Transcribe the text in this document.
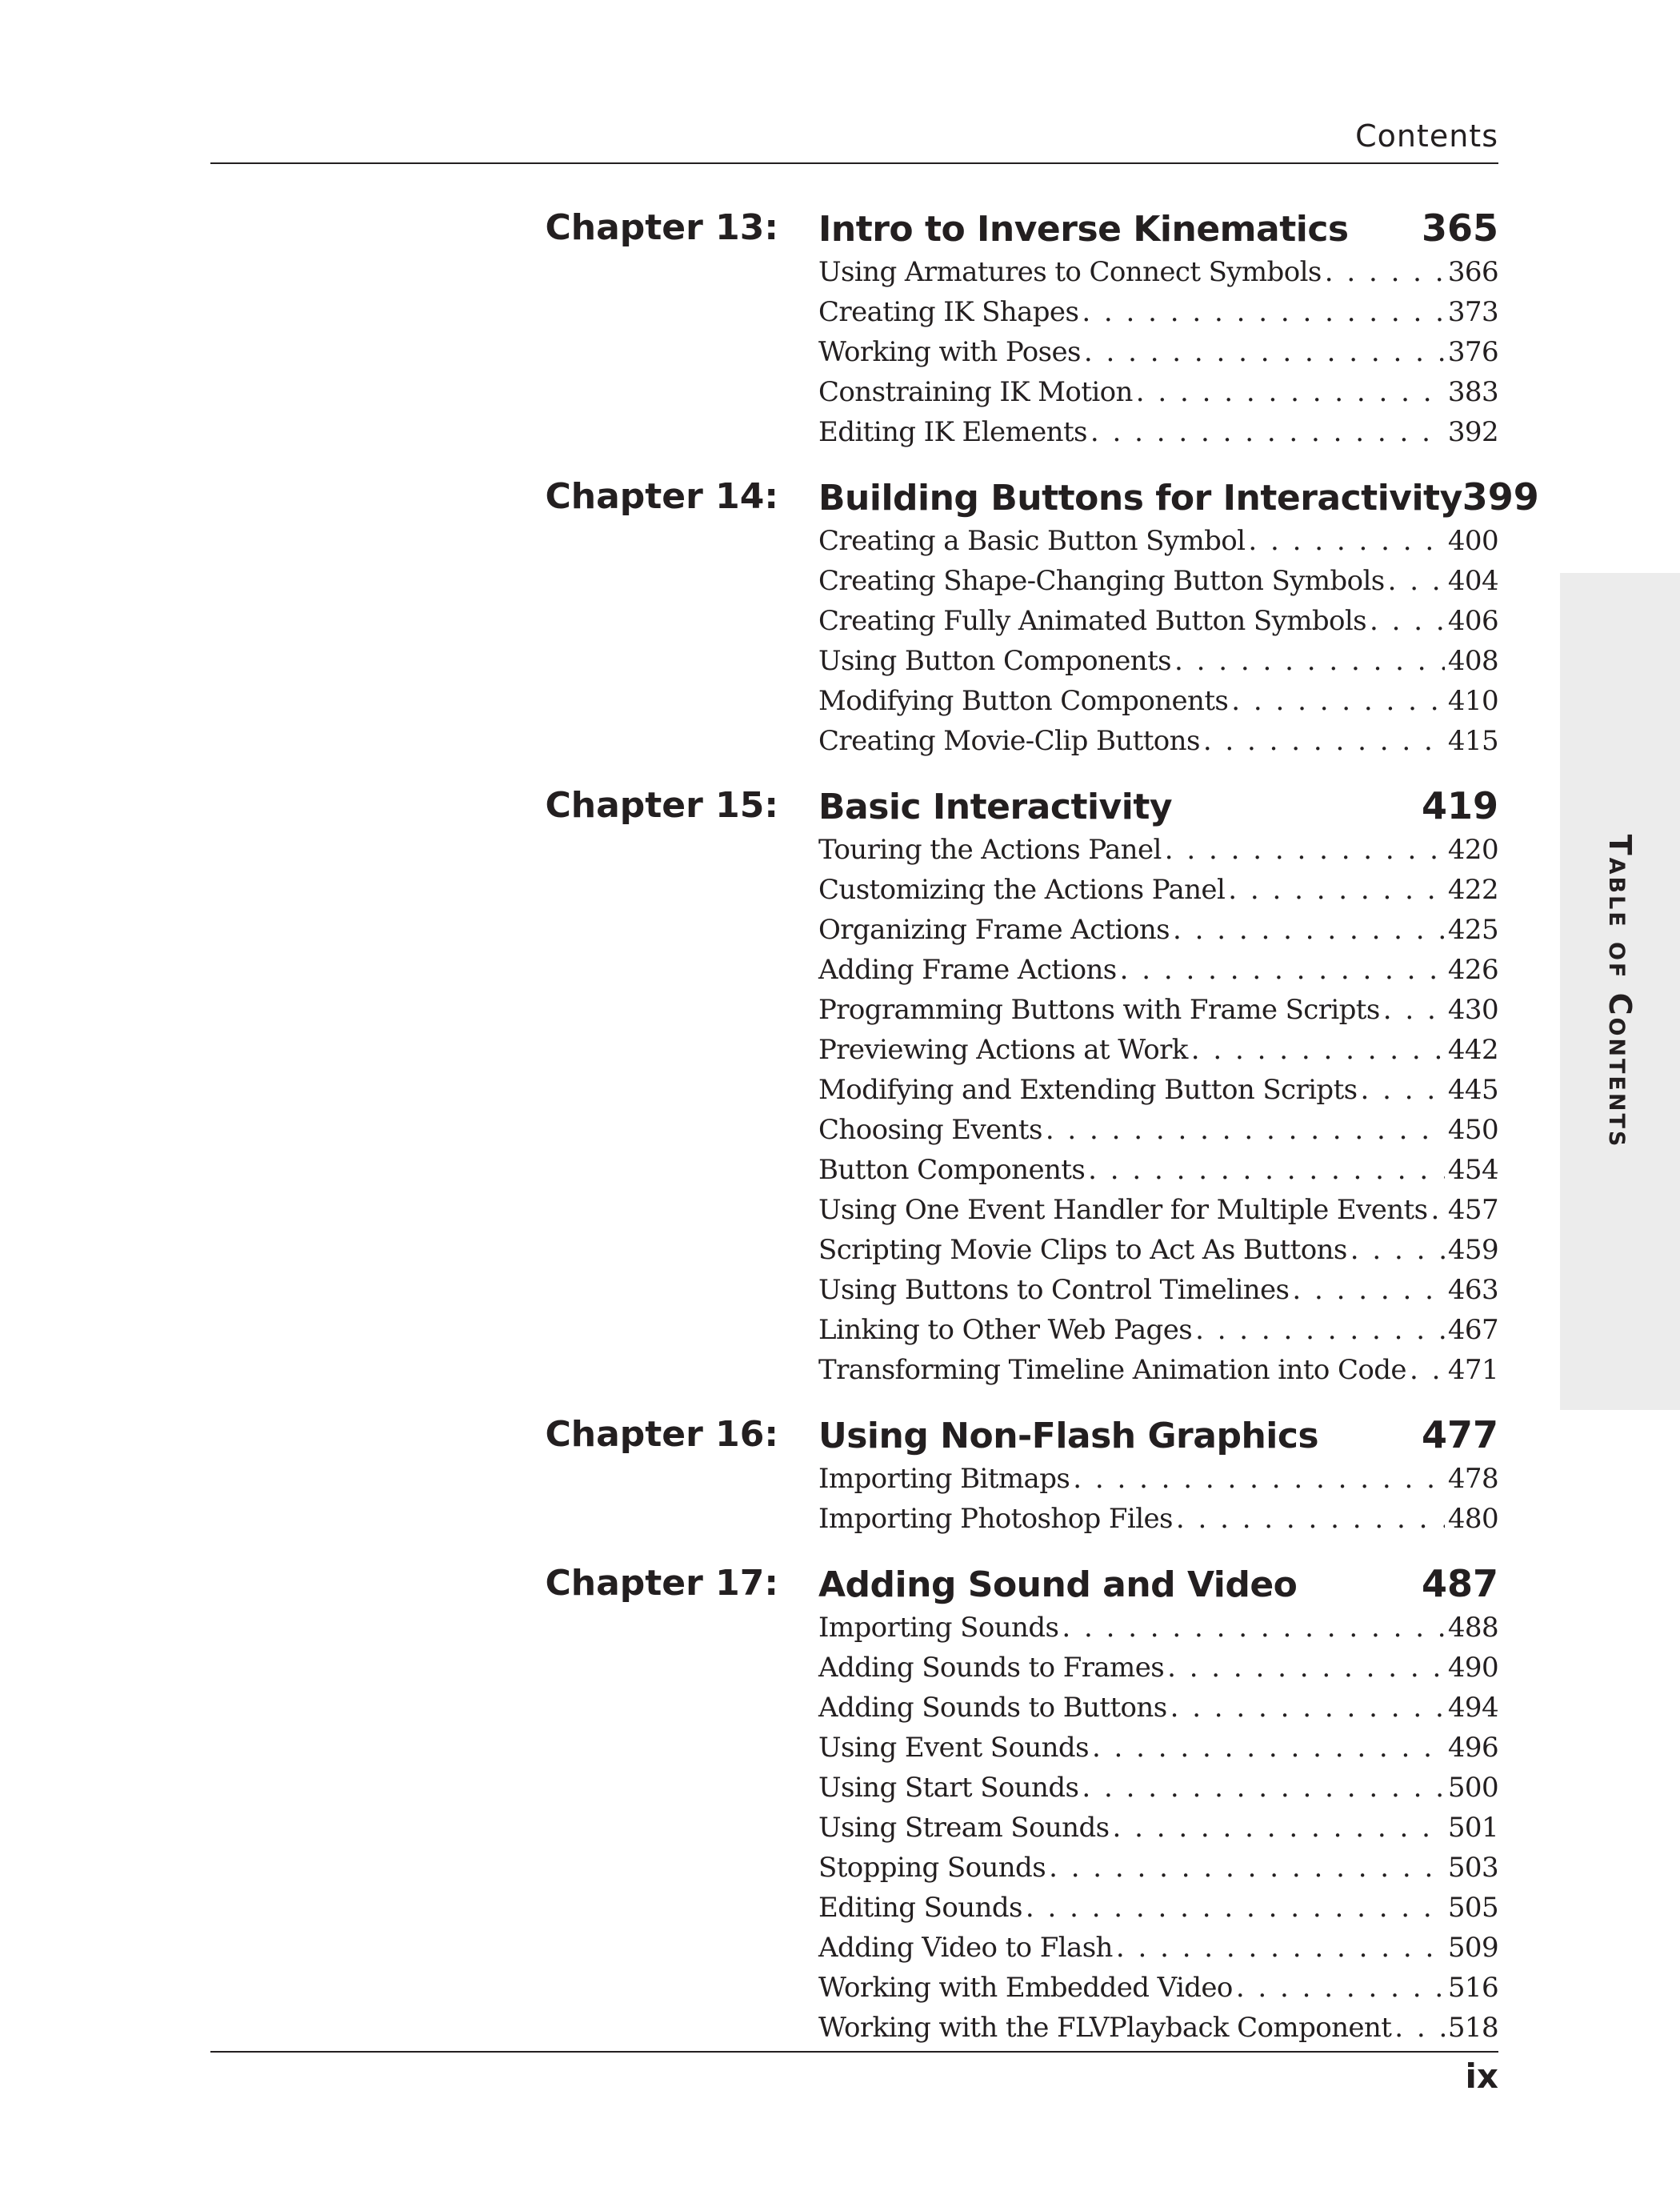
Contents
Chapter 13: Intro to Inverse Kinematics 365
Using Armatures to Connect Symbols . . .	366
Creating IK Shapes . . .	373
Working with Poses . . .	376
Constraining IK Motion . . .	383
Editing IK Elements . . .	392
Chapter 14: Building Buttons for Interactivity 399
Creating a Basic Button Symbol . . .	400
Creating Shape-Changing Button Symbols . . . 404
Creating Fully Animated Button Symbols . . .	406
Using Button Components . . .	408
Modifying Button Components . . .	410
Creating Movie-Clip Buttons . . .	415
Chapter 15: Basic Interactivity	419
Touring the Actions Panel . . .	420
Customizing the Actions Panel . . .	422
Organizing Frame Actions . . .	425
Adding Frame Actions . . .	426
Programming Buttons with Frame Scripts . . .	430
Previewing Actions at Work . . .	442
Modifying and Extending Button Scripts . . .	445
Choosing Events . . .	450
Button Components . . .	454
Using One Event Handler for Multiple Events . . . 457
Scripting Movie Clips to Act As Buttons . . .	459
Using Buttons to Control Timelines . . .	463
Linking to Other Web Pages . . .	467
Transforming Timeline Animation into Code . . . 471
Chapter 16: Using Non-Flash Graphics	477
Importing Bitmaps . . .	478
Importing Photoshop Files . . .	480
Chapter 17: Adding Sound and Video	487
Importing Sounds . . .	488
Adding Sounds to Frames . . .	490
Adding Sounds to Buttons . . .	494
Using Event Sounds . . .	496
Using Start Sounds . . .	500
Using Stream Sounds . . .	501
Stopping Sounds . . .	503
Editing Sounds . . .	505
Adding Video to Flash . . .	509
Working with Embedded Video . . .	516
Working with the FLVPlayback Component . . . 518
Table of Contents
ix
